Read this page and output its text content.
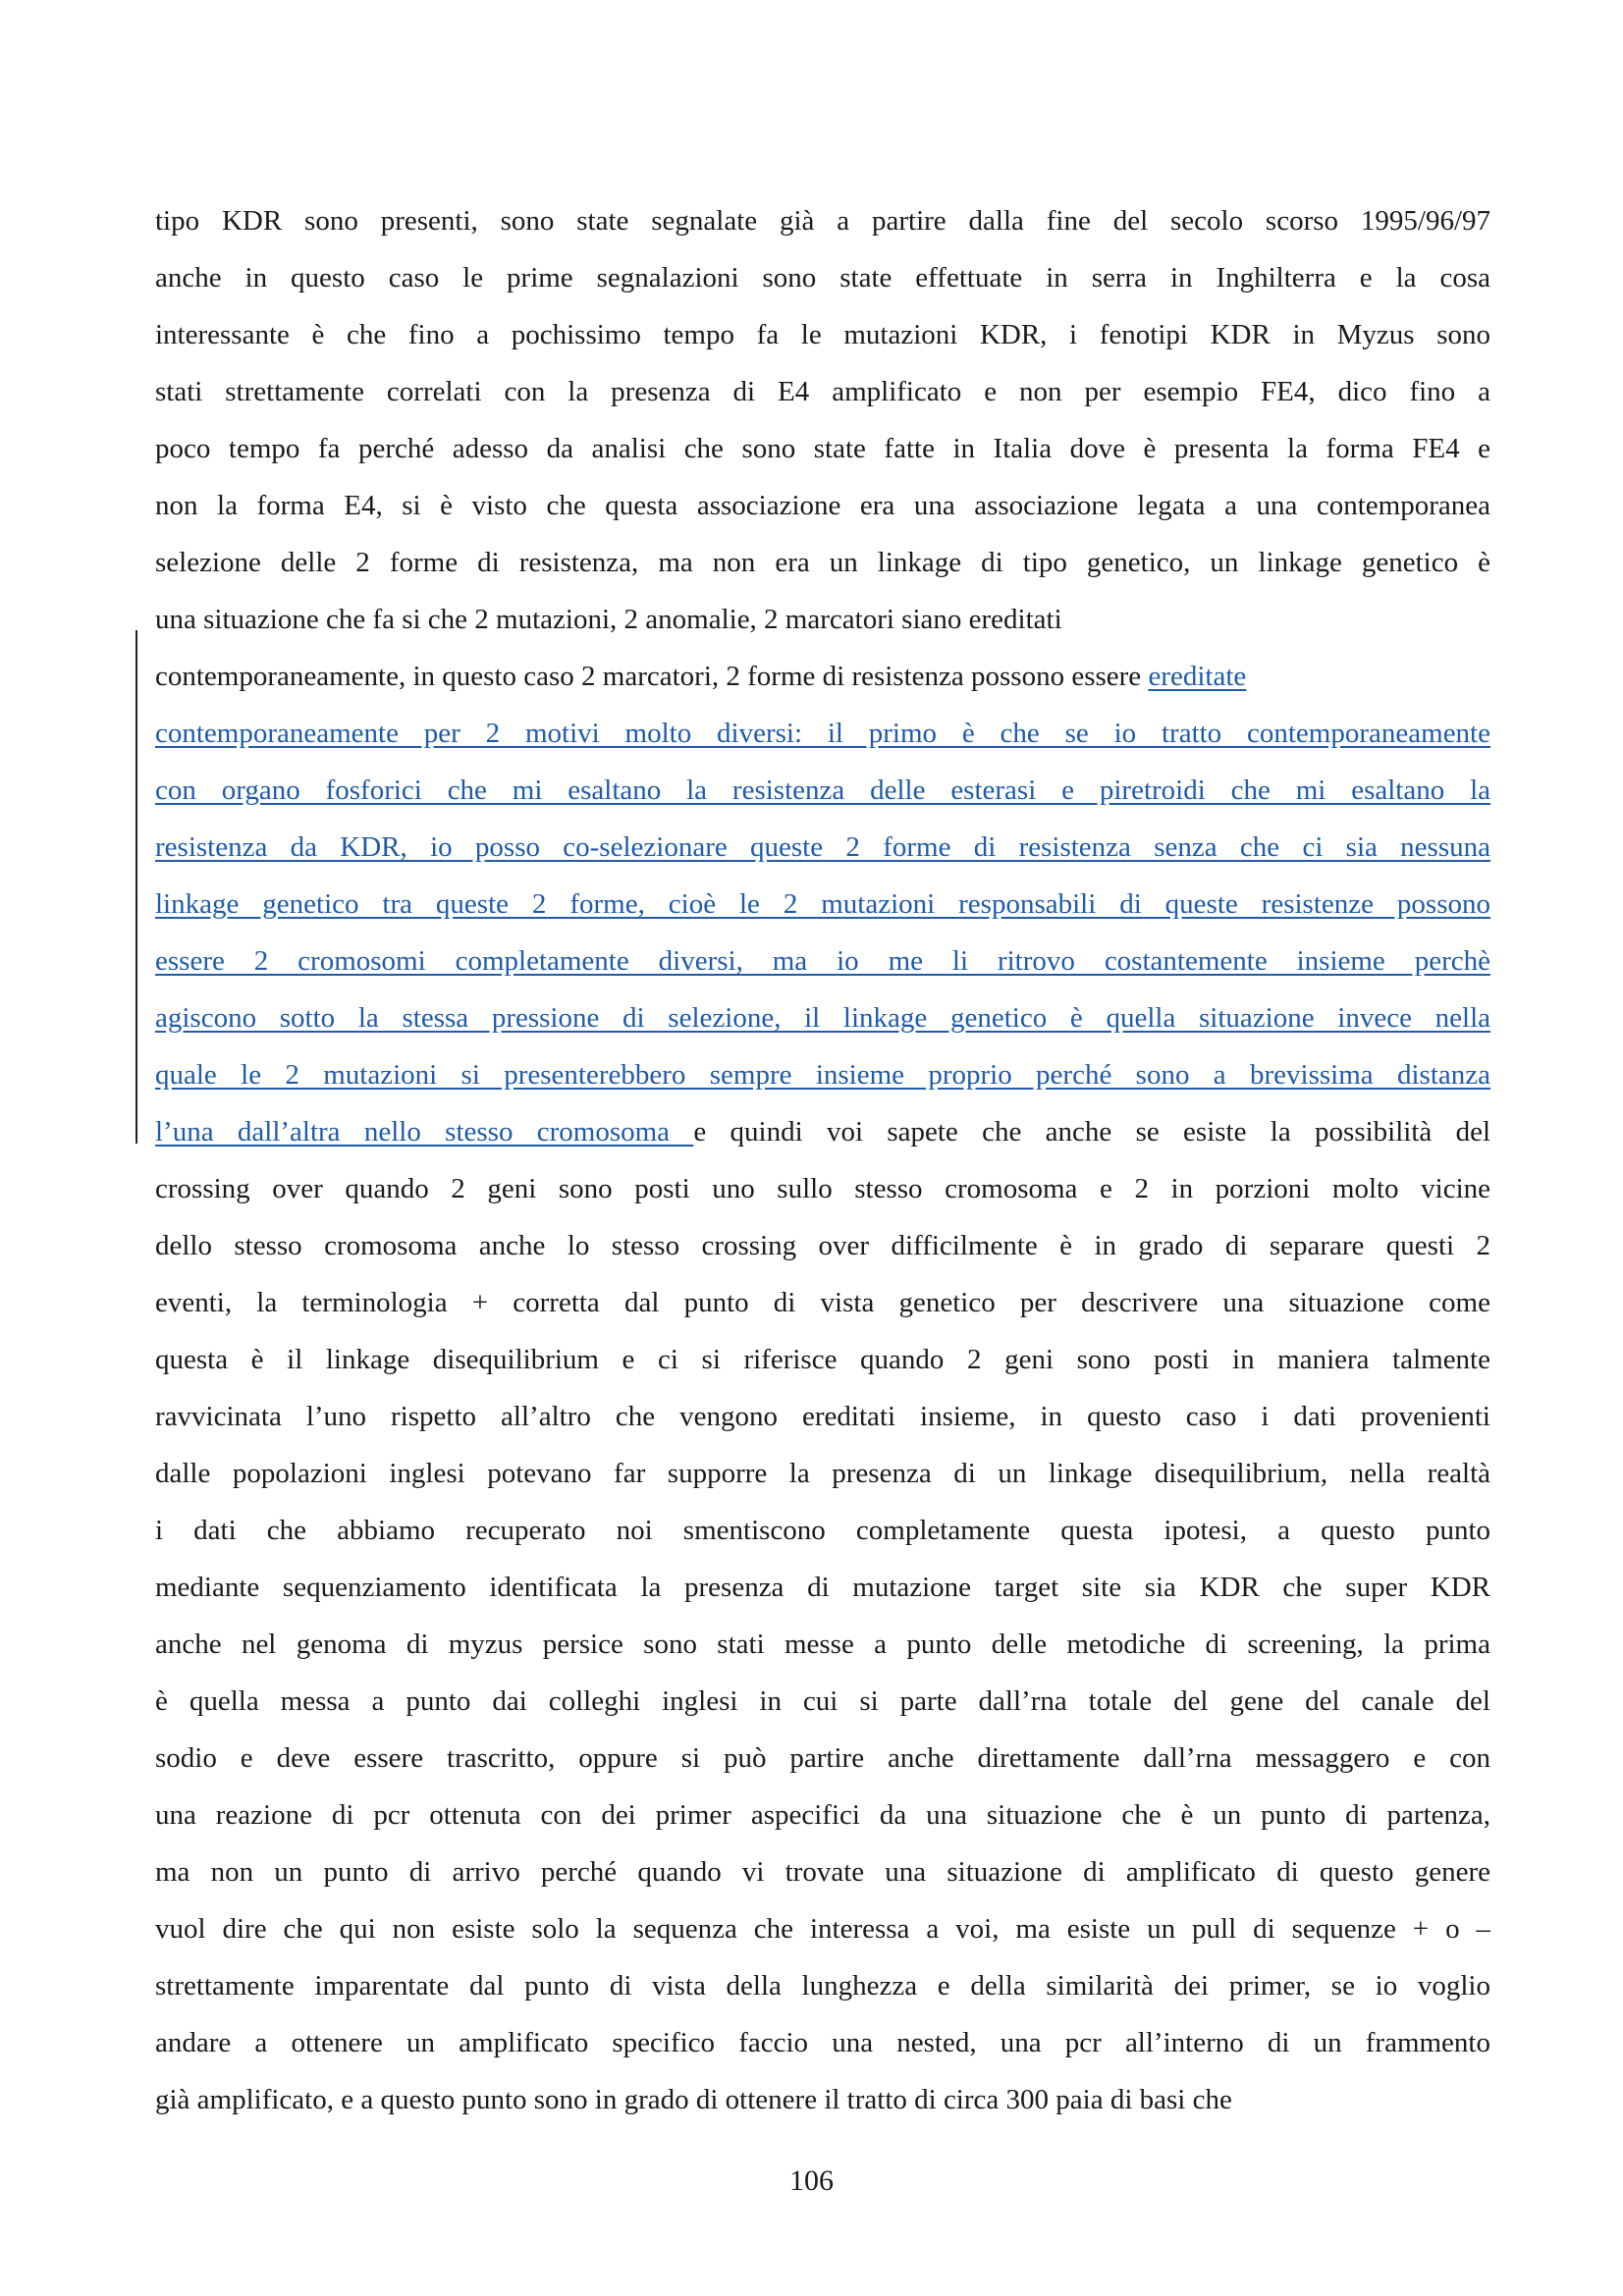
tipo KDR sono presenti, sono state segnalate già a partire dalla fine del secolo scorso 1995/96/97
anche in questo caso le prime segnalazioni sono state effettuate in serra in Inghilterra e la cosa
interessante è che fino a pochissimo tempo fa le mutazioni KDR, i fenotipi KDR in Myzus sono
stati strettamente correlati con la presenza di E4 amplificato e non per esempio FE4, dico fino a
poco tempo fa perché adesso da analisi che sono state fatte in Italia dove è presenta la forma FE4 e
non la forma E4, si è visto che questa associazione era una associazione legata a una contemporanea
selezione delle 2 forme di resistenza, ma non era un linkage di tipo genetico, un linkage genetico è
una situazione che fa si che 2 mutazioni, 2 anomalie, 2 marcatori siano ereditati
contemporaneamente, in questo caso 2 marcatori, 2 forme di resistenza possono essere ereditate
contemporaneamente per 2 motivi molto diversi: il primo è che se io tratto contemporaneamente
con organo fosforici che mi esaltano la resistenza delle esterasi e piretroidi che mi esaltano la
resistenza da KDR, io posso co-selezionare queste 2 forme di resistenza senza che ci sia nessuna
linkage genetico tra queste 2 forme, cioè le 2 mutazioni responsabili di queste resistenze possono
essere 2 cromosomi completamente diversi, ma io me li ritrovo costantemente insieme perchè
agiscono sotto la stessa pressione di selezione, il linkage genetico è quella situazione invece nella
quale le 2 mutazioni si presenterebbero sempre insieme proprio perché sono a brevissima distanza
l’una dall’altra nello stesso cromosoma e quindi voi sapete che anche se esiste la possibilità del
crossing over quando 2 geni sono posti uno sullo stesso cromosoma e 2 in porzioni molto vicine
dello stesso cromosoma anche lo stesso crossing over difficilmente è in grado di separare questi 2
eventi, la terminologia + corretta dal punto di vista genetico per descrivere una situazione come
questa è il linkage disequilibrium e ci si riferisce quando 2 geni sono posti in maniera talmente
ravvicinata l’uno rispetto all’altro che vengono ereditati insieme, in questo caso i dati provenienti
dalle popolazioni inglesi potevano far supporre la presenza di un linkage disequilibrium, nella realtà
i dati che abbiamo recuperato noi smentiscono completamente questa ipotesi, a questo punto
mediante sequenziamento identificata la presenza di mutazione target site sia KDR che super KDR
anche nel genoma di myzus persice sono stati messe a punto delle metodiche di screening, la prima
è quella messa a punto dai colleghi inglesi in cui si parte dall’rna totale del gene del canale del
sodio e deve essere trascritto, oppure si può partire anche direttamente dall’rna messaggero e con
una reazione di pcr ottenuta con dei primer aspecifici da una situazione che è un punto di partenza,
ma non un punto di arrivo perché quando vi trovate una situazione di amplificato di questo genere
vuol dire che qui non esiste solo la sequenza che interessa a voi, ma esiste un pull di sequenze + o –
strettamente imparentate dal punto di vista della lunghezza e della similarità dei primer, se io voglio
andare a ottenere un amplificato specifico faccio una nested, una pcr all’interno di un frammento
già amplificato, e a questo punto sono in grado di ottenere il tratto di circa 300 paia di basi che
106
